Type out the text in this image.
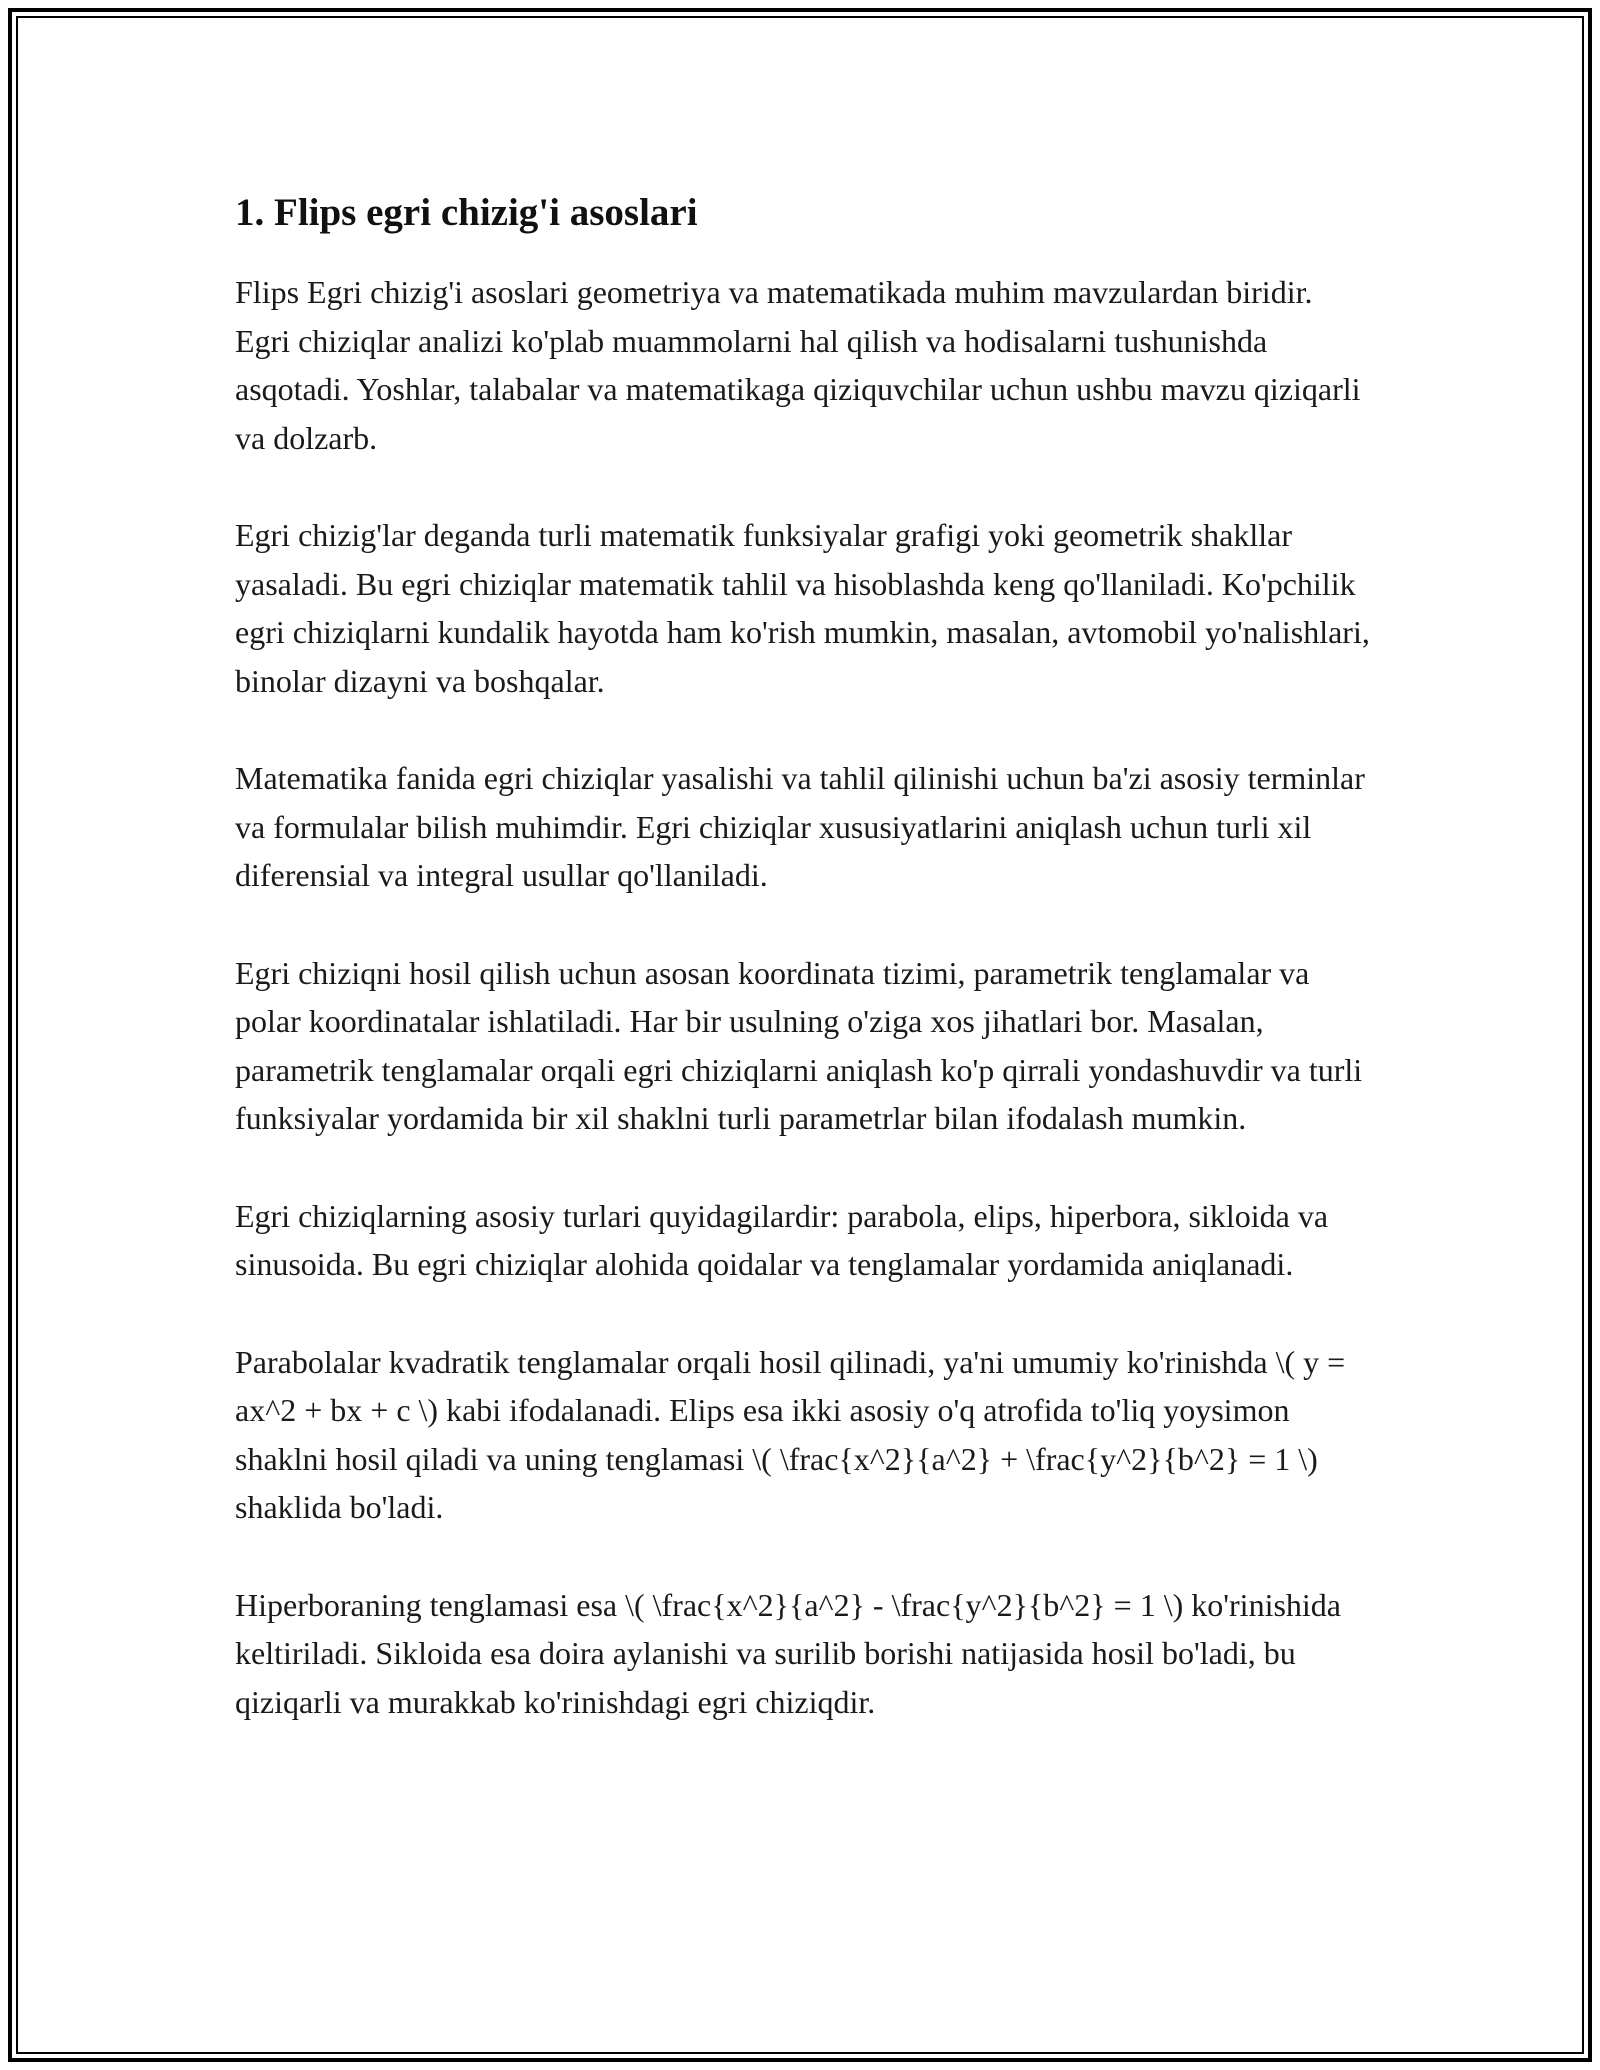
1. Flips egri chizig'i asoslari

Flips Egri chizig'i asoslari geometriya va matematikada muhim mavzulardan biridir. Egri chiziqlar analizi ko'plab muammolarni hal qilish va hodisalarni tushunishda asqotadi. Yoshlar, talabalar va matematikaga qiziquvchilar uchun ushbu mavzu qiziqarli va dolzarb.

Egri chizig'lar deganda turli matematik funksiyalar grafigi yoki geometrik shakllar yasaladi. Bu egri chiziqlar matematik tahlil va hisoblashda keng qo'llaniladi. Ko'pchilik egri chiziqlarni kundalik hayotda ham ko'rish mumkin, masalan, avtomobil yo'nalishlari, binolar dizayni va boshqalar.

Matematika fanida egri chiziqlar yasalishi va tahlil qilinishi uchun ba'zi asosiy terminlar va formulalar bilish muhimdir. Egri chiziqlar xususiyatlarini aniqlash uchun turli xil diferensial va integral usullar qo'llaniladi.

Egri chiziqni hosil qilish uchun asosan koordinata tizimi, parametrik tenglamalar va polar koordinatalar ishlatiladi. Har bir usulning o'ziga xos jihatlari bor. Masalan, parametrik tenglamalar orqali egri chiziqlarni aniqlash ko'p qirrali yondashuvdir va turli funksiyalar yordamida bir xil shaklni turli parametrlar bilan ifodalash mumkin.

Egri chiziqlarning asosiy turlari quyidagilardir: parabola, elips, hiperbora, sikloida va sinusoida. Bu egri chiziqlar alohida qoidalar va tenglamalar yordamida aniqlanadi.

Parabolalar kvadratik tenglamalar orqali hosil qilinadi, ya'ni umumiy ko'rinishda \( y = ax^2 + bx + c \) kabi ifodalanadi. Elips esa ikki asosiy o'q atrofida to'liq yoysimon shaklni hosil qiladi va uning tenglamasi \( \frac{x^2}{a^2} + \frac{y^2}{b^2} = 1 \) shaklida bo'ladi.

Hiperboraning tenglamasi esa \( \frac{x^2}{a^2} - \frac{y^2}{b^2} = 1 \) ko'rinishida keltiriladi. Sikloida esa doira aylanishi va surilib borishi natijasida hosil bo'ladi, bu qiziqarli va murakkab ko'rinishdagi egri chiziqdir.
